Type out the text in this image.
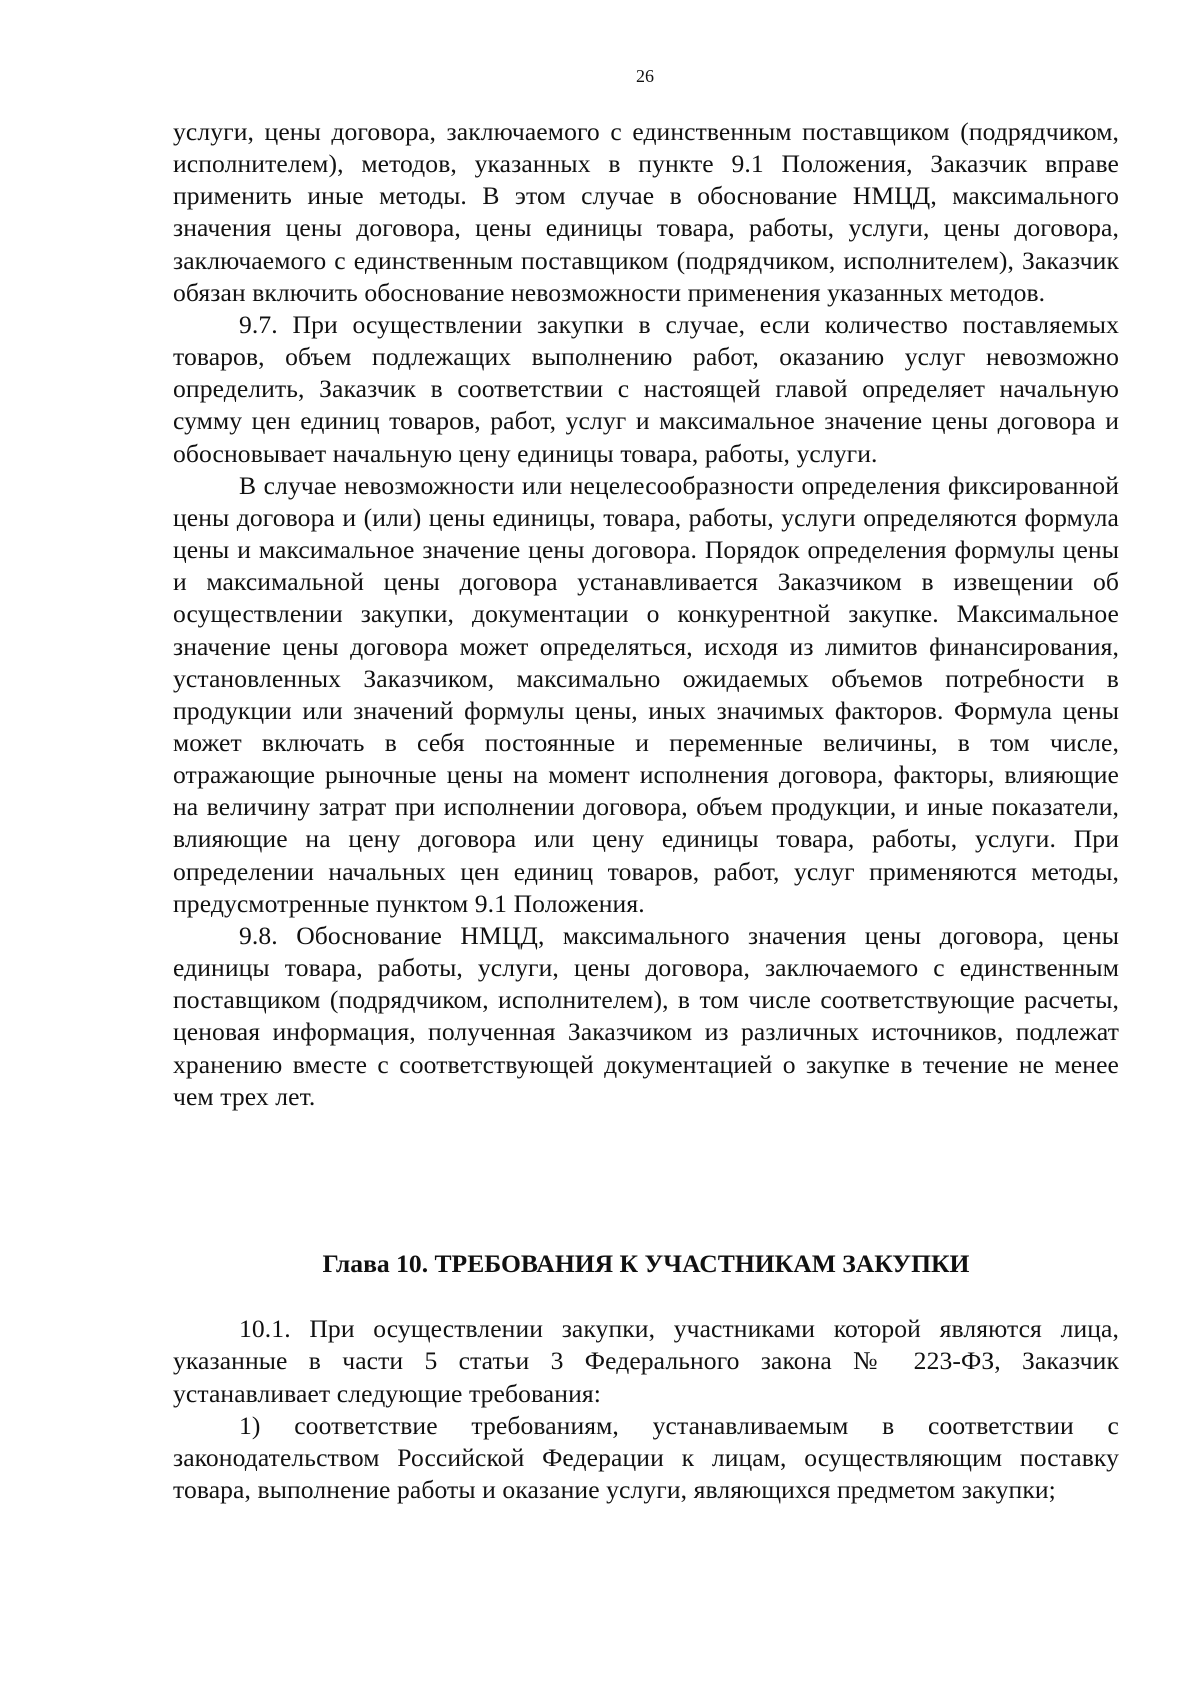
26

услуги, цены договора, заключаемого с единственным поставщиком (подрядчиком, исполнителем), методов, указанных в пункте 9.1 Положения, Заказчик вправе применить иные методы. В этом случае в обоснование НМЦД, максимального значения цены договора, цены единицы товара, работы, услуги, цены договора, заключаемого с единственным поставщиком (подрядчиком, исполнителем), Заказчик обязан включить обоснование невозможности применения указанных методов.

9.7. При осуществлении закупки в случае, если количество поставляемых товаров, объем подлежащих выполнению работ, оказанию услуг невозможно определить, Заказчик в соответствии с настоящей главой определяет начальную сумму цен единиц товаров, работ, услуг и максимальное значение цены договора и обосновывает начальную цену единицы товара, работы, услуги.

В случае невозможности или нецелесообразности определения фиксированной цены договора и (или) цены единицы, товара, работы, услуги определяются формула цены и максимальное значение цены договора. Порядок определения формулы цены и максимальной цены договора устанавливается Заказчиком в извещении об осуществлении закупки, документации о конкурентной закупке. Максимальное значение цены договора может определяться, исходя из лимитов финансирования, установленных Заказчиком, максимально ожидаемых объемов потребности в продукции или значений формулы цены, иных значимых факторов. Формула цены может включать в себя постоянные и переменные величины, в том числе, отражающие рыночные цены на момент исполнения договора, факторы, влияющие на величину затрат при исполнении договора, объем продукции, и иные показатели, влияющие на цену договора или цену единицы товара, работы, услуги. При определении начальных цен единиц товаров, работ, услуг применяются методы, предусмотренные пунктом 9.1 Положения.

9.8. Обоснование НМЦД, максимального значения цены договора, цены единицы товара, работы, услуги, цены договора, заключаемого с единственным поставщиком (подрядчиком, исполнителем), в том числе соответствующие расчеты, ценовая информация, полученная Заказчиком из различных источников, подлежат хранению вместе с соответствующей документацией о закупке в течение не менее чем трех лет.

Глава 10. ТРЕБОВАНИЯ К УЧАСТНИКАМ ЗАКУПКИ

10.1. При осуществлении закупки, участниками которой являются лица, указанные в части 5 статьи 3 Федерального закона № 223-ФЗ, Заказчик устанавливает следующие требования:

1) соответствие требованиям, устанавливаемым в соответствии с законодательством Российской Федерации к лицам, осуществляющим поставку товара, выполнение работы и оказание услуги, являющихся предметом закупки;
